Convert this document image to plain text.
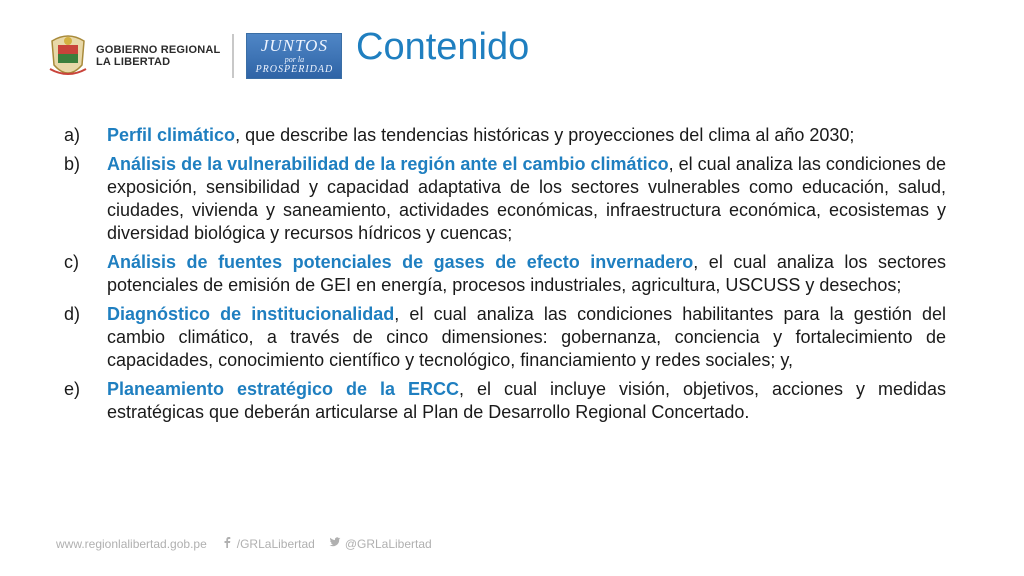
GOBIERNO REGIONAL
LA LIBERTAD
JUNTOS
por la
PROSPERIDAD
Contenido
a)	Perfil climático, que describe las tendencias históricas y proyecciones del clima al año 2030;
b)	Análisis de la vulnerabilidad de la región ante el cambio climático, el cual analiza las condiciones de exposición, sensibilidad y capacidad adaptativa de los sectores vulnerables como educación, salud, ciudades, vivienda y saneamiento, actividades económicas, infraestructura económica, ecosistemas y diversidad biológica y recursos hídricos y cuencas;
c)	Análisis de fuentes potenciales de gases de efecto invernadero, el cual analiza los sectores potenciales de emisión de GEI en energía, procesos industriales, agricultura, USCUSS y desechos;
d)	Diagnóstico de institucionalidad, el cual analiza las condiciones habilitantes para la gestión del cambio climático, a través de cinco dimensiones: gobernanza, conciencia y fortalecimiento de capacidades, conocimiento científico y tecnológico, financiamiento y redes sociales; y,
e)	Planeamiento estratégico de la ERCC, el cual incluye visión, objetivos, acciones y medidas estratégicas que deberán articularse al Plan de Desarrollo Regional Concertado.
www.regionlalibertad.gob.pe	/GRLaLibertad	@GRLaLibertad
